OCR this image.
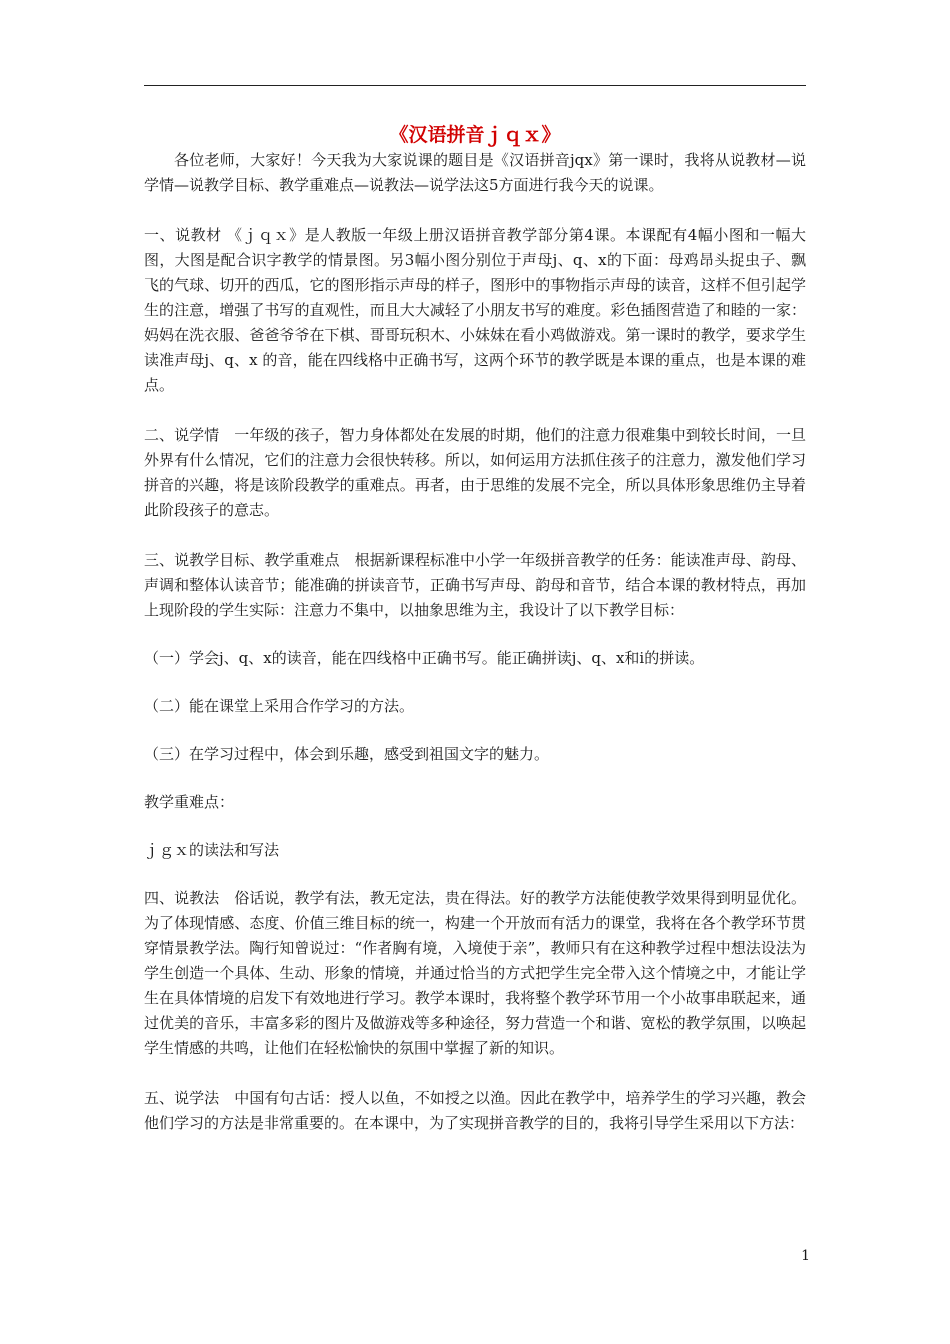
《汉语拼音ｊｑｘ》

各位老师，大家好！今天我为大家说课的题目是《汉语拼音jqx》第一课时，我将从说教材—说学情—说教学目标、教学重难点—说教法—说学法这5方面进行我今天的说课。

一、说教材 《ｊｑｘ》是人教版一年级上册汉语拼音教学部分第4课。本课配有4幅小图和一幅大图，大图是配合识字教学的情景图。另3幅小图分别位于声母j、q、x的下面：母鸡昂头捉虫子、飘飞的气球、切开的西瓜，它的图形指示声母的样子，图形中的事物指示声母的读音，这样不但引起学生的注意，增强了书写的直观性，而且大大减轻了小朋友书写的难度。彩色插图营造了和睦的一家：妈妈在洗衣服、爸爸爷爷在下棋、哥哥玩积木、小妹妹在看小鸡做游戏。第一课时的教学，要求学生读准声母j、q、x 的音，能在四线格中正确书写，这两个环节的教学既是本课的重点，也是本课的难点。

二、说学情　一年级的孩子，智力身体都处在发展的时期，他们的注意力很难集中到较长时间，一旦外界有什么情况，它们的注意力会很快转移。所以，如何运用方法抓住孩子的注意力，激发他们学习拼音的兴趣，将是该阶段教学的重难点。再者，由于思维的发展不完全，所以具体形象思维仍主导着此阶段孩子的意志。

三、说教学目标、教学重难点　根据新课程标准中小学一年级拼音教学的任务：能读准声母、韵母、声调和整体认读音节；能准确的拼读音节，正确书写声母、韵母和音节，结合本课的教材特点，再加上现阶段的学生实际：注意力不集中，以抽象思维为主，我设计了以下教学目标：

（一）学会j、q、x的读音，能在四线格中正确书写。能正确拼读j、q、x和i的拼读。

（二）能在课堂上采用合作学习的方法。

（三）在学习过程中，体会到乐趣，感受到祖国文字的魅力。

教学重难点：

ｊｇｘ的读法和写法

四、说教法　俗话说，教学有法，教无定法，贵在得法。好的教学方法能使教学效果得到明显优化。为了体现情感、态度、价值三维目标的统一，构建一个开放而有活力的课堂，我将在各个教学环节贯穿情景教学法。陶行知曾说过：“作者胸有境，入境使于亲”，教师只有在这种教学过程中想法设法为学生创造一个具体、生动、形象的情境，并通过恰当的方式把学生完全带入这个情境之中，才能让学生在具体情境的启发下有效地进行学习。教学本课时，我将整个教学环节用一个小故事串联起来，通过优美的音乐，丰富多彩的图片及做游戏等多种途径，努力营造一个和谐、宽松的教学氛围，以唤起学生情感的共鸣，让他们在轻松愉快的氛围中掌握了新的知识。

五、说学法　中国有句古话：授人以鱼，不如授之以渔。因此在教学中，培养学生的学习兴趣，教会他们学习的方法是非常重要的。在本课中，为了实现拼音教学的目的，我将引导学生采用以下方法：

1
